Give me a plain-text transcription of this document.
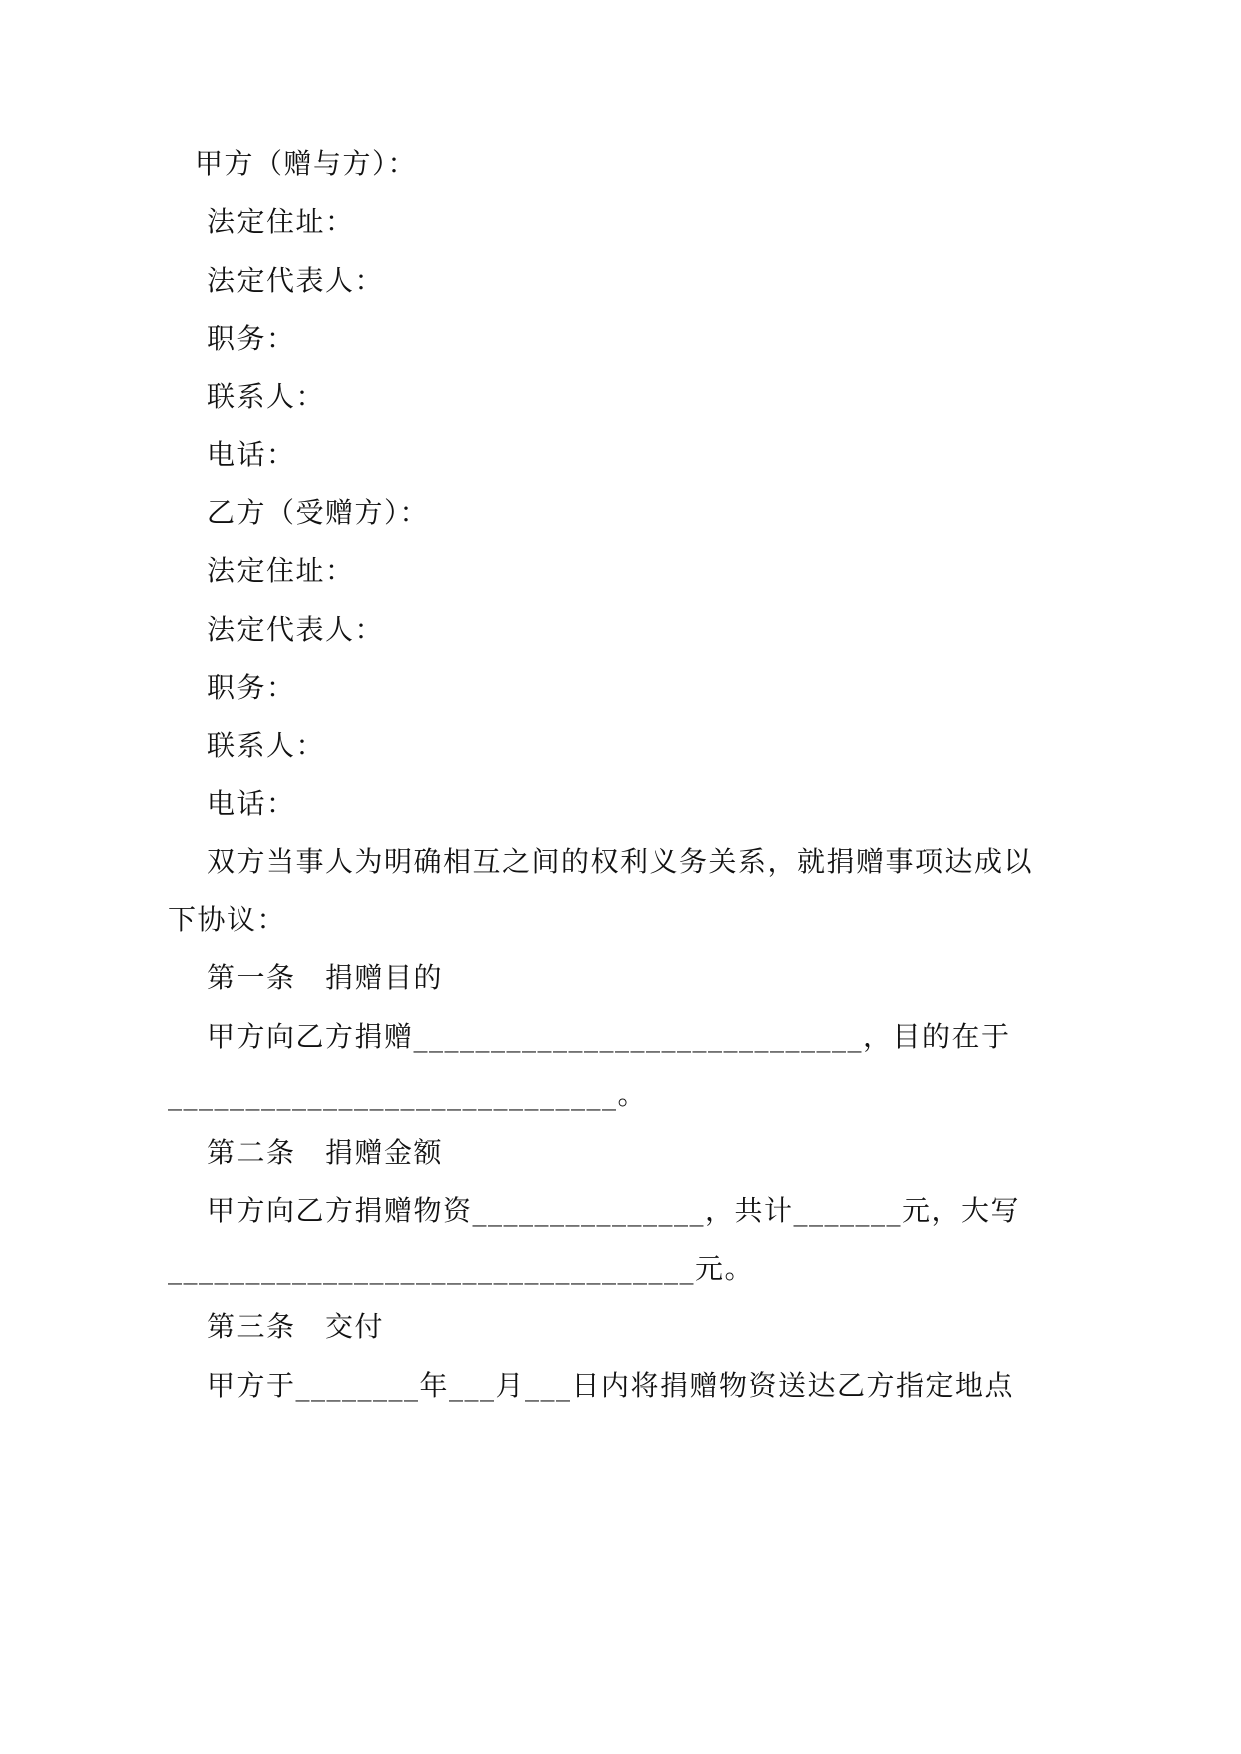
甲方（赠与方）：
法定住址：
法定代表人：
职务：
联系人：
电话：
乙方（受赠方）：
法定住址：
法定代表人：
职务：
联系人：
电话：
双方当事人为明确相互之间的权利义务关系，就捐赠事项达成以
下协议：
第一条　捐赠目的
甲方向乙方捐赠_____________________________，目的在于
_____________________________。
第二条　捐赠金额
甲方向乙方捐赠物资_______________，共计_______元，大写
__________________________________元。
第三条　交付
甲方于________年___月___日内将捐赠物资送达乙方指定地点
